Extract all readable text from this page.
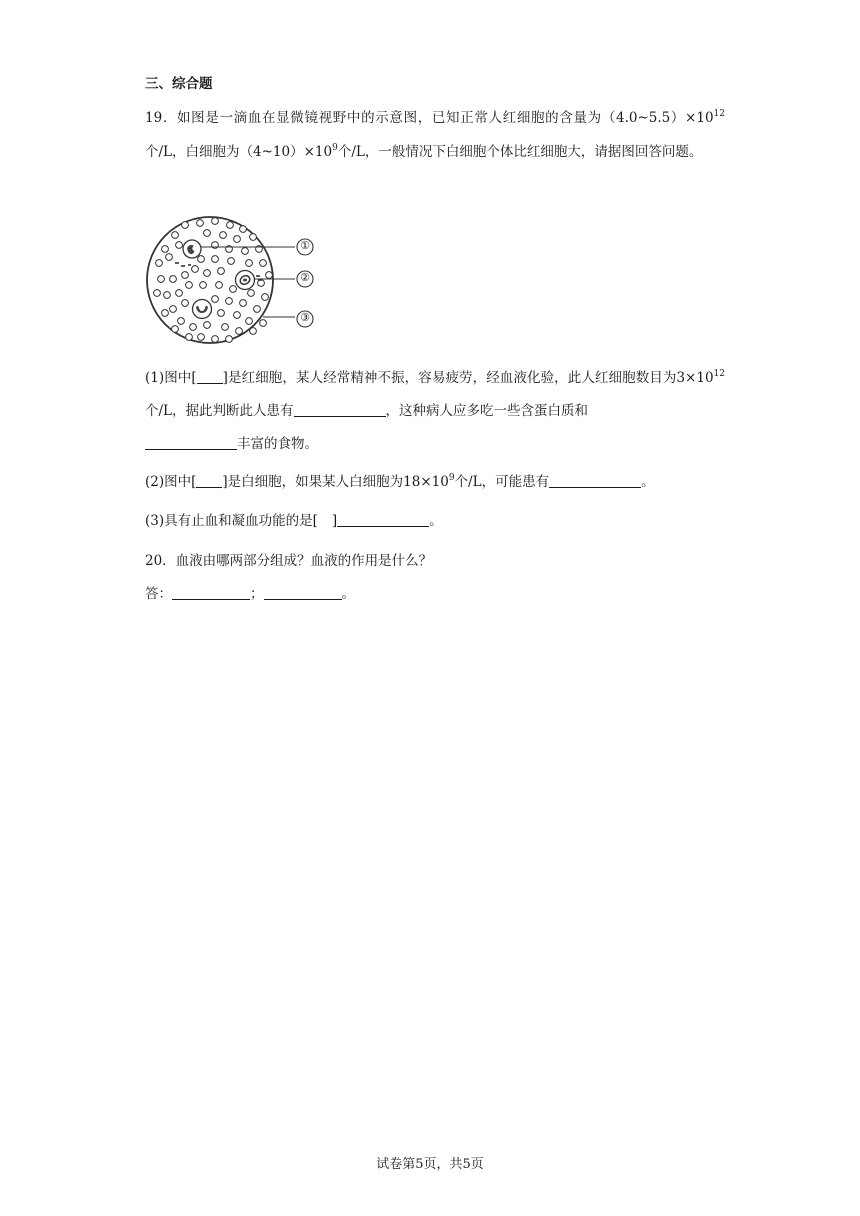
三、综合题
19．如图是一滴血在显微镜视野中的示意图，已知正常人红细胞的含量为$(4.0\sim 5.5)\times 10^{12}$个/L，白细胞为$(4\sim 10)\times 10^9$个/L，一般情况下白细胞个体比红细胞大，请据图回答问题。
①
②
③
(1)图中[ ]是红细胞，某人经常精神不振，容易疲劳，经血液化验，此人红细胞数目为$3\times 10^{12}$个/L，据此判断此人患有	，这种病人应多吃一些含蛋白质和
丰富的食物。
(2)图中[ ]是白细胞，如果某人白细胞为$18\times 10^9$个/L，可能患有	。
(3)具有止血和凝血功能的是[ ]	。
20．血液由哪两部分组成？血液的作用是什么？
答：	；	。
试卷第5页，共5页
